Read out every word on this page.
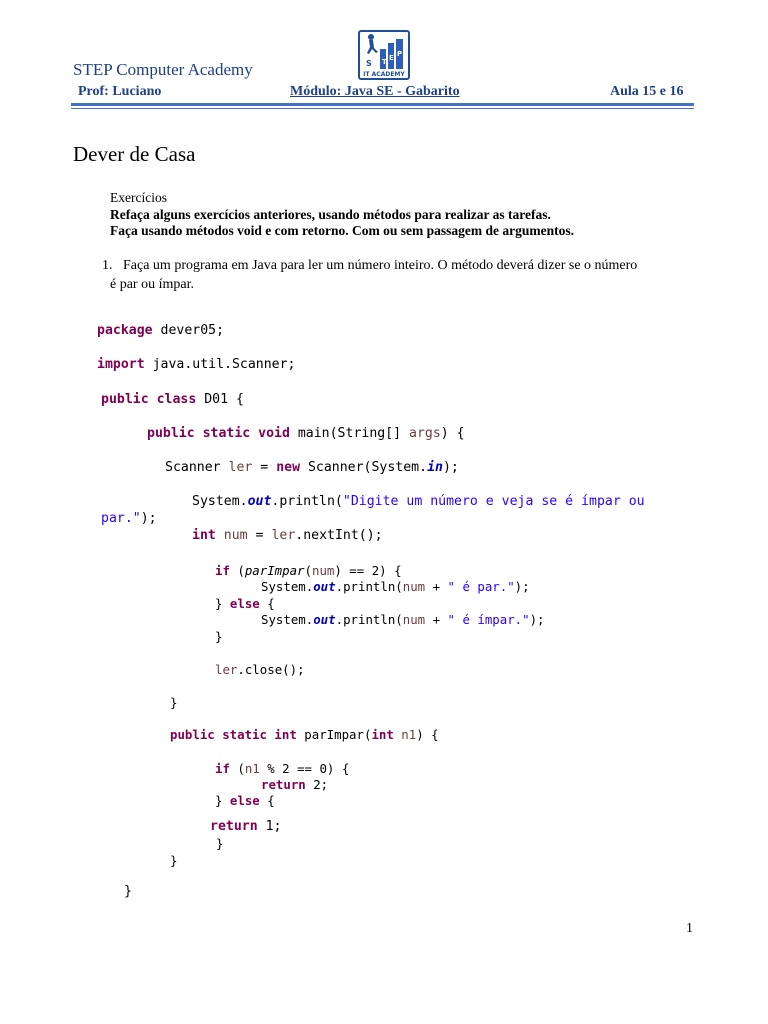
STEP Computer Academy	S T E P
IT ACADEMY
Prof: Luciano	Módulo: Java SE - Gabarito	Aula 15 e 16
Dever de Casa
Exercícios
Refaça alguns exercícios anteriores, usando métodos para realizar as tarefas.
Faça usando métodos void e com retorno. Com ou sem passagem de argumentos.
1. Faça um programa em Java para ler um número inteiro. O método deverá dizer se o número
é par ou ímpar.
package dever05;
import java.util.Scanner;
public class D01 {
public static void main(String[] args) {
Scanner ler = new Scanner(System.in);
System.out.println("Digite um número e veja se é ímpar ou
par.");
int num = ler.nextInt();
if (parImpar(num) == 2) {
System.out.println(num + " é par.");
} else {
System.out.println(num + " é ímpar.");
}
ler.close();
}
public static int parImpar(int n1) {
if (n1 % 2 == 0) {
return 2;
} else {
return 1;
}
}
}
1
